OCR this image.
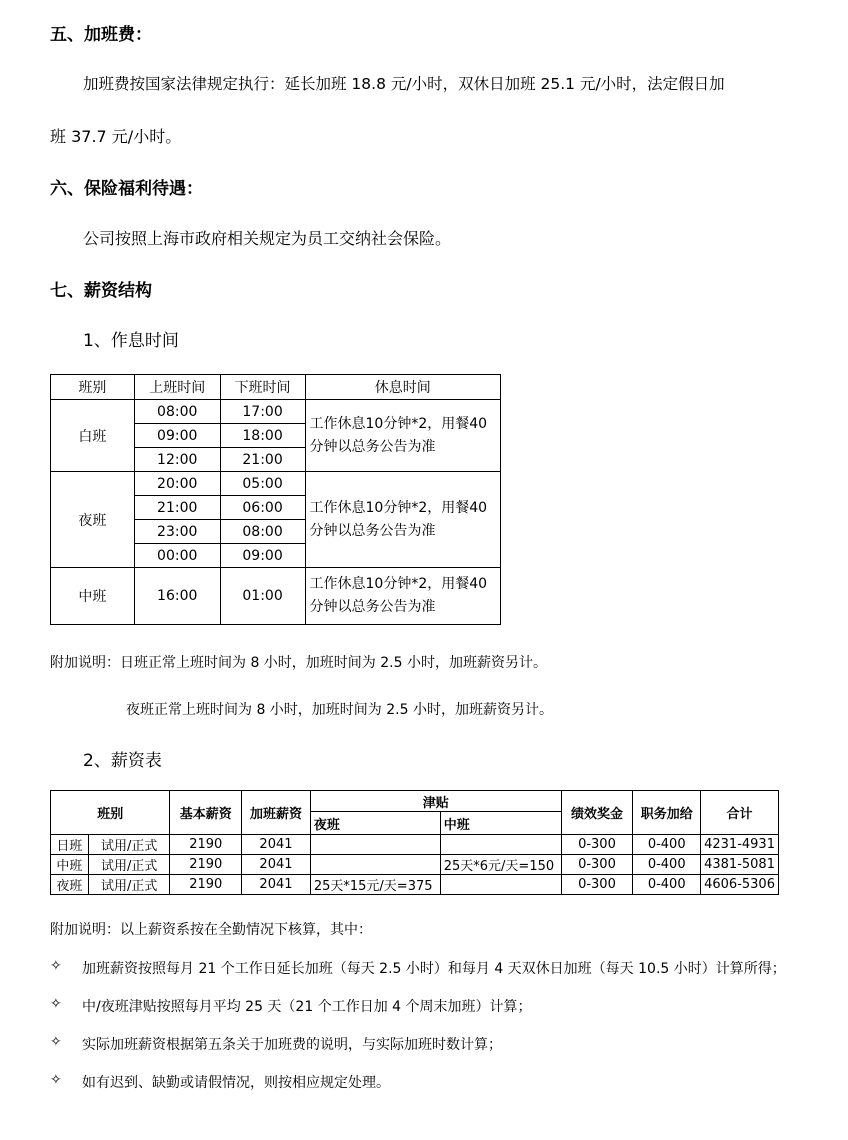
五、加班费：
加班费按国家法律规定执行：延长加班 18.8 元/小时，双休日加班 25.1 元/小时，法定假日加
班 37.7 元/小时。
六、保险福利待遇：
公司按照上海市政府相关规定为员工交纳社会保险。
七、薪资结构
1、作息时间
班别	上班时间	下班时间	休息时间
白班	08:00	17:00	工作休息10分钟*2，用餐40分钟以总务公告为准
	09:00	18:00	
	12:00	21:00	
夜班	20:00	05:00	工作休息10分钟*2，用餐40分钟以总务公告为准
	21:00	06:00	
	23:00	08:00	
	00:00	09:00	
中班	16:00	01:00	工作休息10分钟*2，用餐40分钟以总务公告为准
附加说明：日班正常上班时间为 8 小时，加班时间为 2.5 小时，加班薪资另计。
夜班正常上班时间为 8 小时，加班时间为 2.5 小时，加班薪资另计。
2、薪资表
班别		基本薪资	加班薪资	津贴		绩效奖金	职务加给	合计
				夜班	中班			
日班	试用/正式	2190	2041			0-300	0-400	4231-4931
中班	试用/正式	2190	2041		25天*6元/天=150	0-300	0-400	4381-5081
夜班	试用/正式	2190	2041	25天*15元/天=375		0-300	0-400	4606-5306
附加说明：以上薪资系按在全勤情况下核算，其中：
✧ 加班薪资按照每月 21 个工作日延长加班（每天 2.5 小时）和每月 4 天双休日加班（每天 10.5 小时）计算所得；
✧ 中/夜班津贴按照每月平均 25 天（21 个工作日加 4 个周末加班）计算；
✧ 实际加班薪资根据第五条关于加班费的说明，与实际加班时数计算；
✧ 如有迟到、缺勤或请假情况，则按相应规定处理。
